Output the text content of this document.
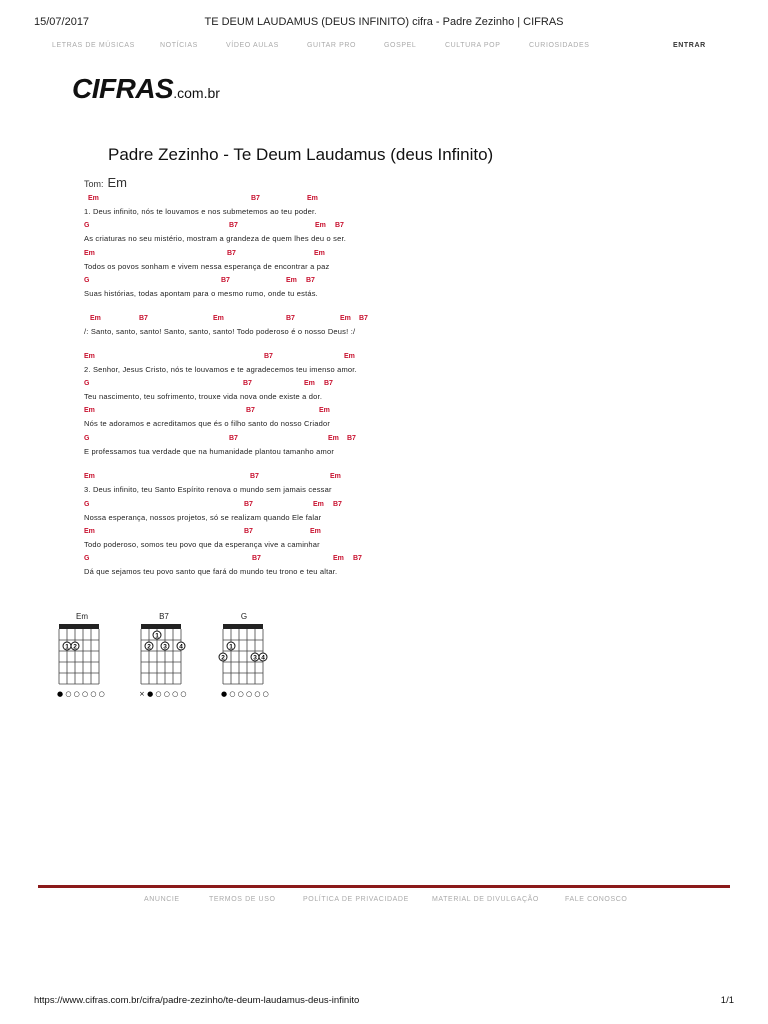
15/07/2017	TE DEUM LAUDAMUS (DEUS INFINITO) cifra - Padre Zezinho | CIFRAS
LETRAS DE MÚSICAS	NOTÍCIAS	VÍDEO AULAS	GUITAR PRO	GOSPEL	CULTURA POP	CURIOSIDADES	ENTRAR
CIFRAS.com.br
Padre Zezinho - Te Deum Laudamus (deus Infinito)
Tom: Em
Em	B7	Em
1. Deus infinito, nós te louvamos e nos submetemos ao teu poder.
G	B7	Em B7
As criaturas no seu mistério, mostram a grandeza de quem lhes deu o ser.
Em	B7	Em
Todos os povos sonham e vivem nessa esperança de encontrar a paz
G	B7	Em B7
Suas histórias, todas apontam para o mesmo rumo, onde tu estás.
Em	B7	Em	B7	Em B7
/: Santo, santo, santo! Santo, santo, santo! Todo poderoso é o nosso Deus! :/
Em	B7	Em
2. Senhor, Jesus Cristo, nós te louvamos e te agradecemos teu imenso amor.
G	B7	Em B7
Teu nascimento, teu sofrimento, trouxe vida nova onde existe a dor.
Em	B7	Em
Nós te adoramos e acreditamos que és o filho santo do nosso Criador
G	B7	Em B7
E professamos tua verdade que na humanidade plantou tamanho amor
Em	B7	Em
3. Deus infinito, teu Santo Espírito renova o mundo sem jamais cessar
G	B7	Em B7
Nossa esperança, nossos projetos, só se realizam quando Ele falar
Em	B7	Em
Todo poderoso, somos teu povo que da esperança vive a caminhar
G	B7	Em B7
Dá que sejamos teu povo santo que fará do mundo teu trono e teu altar.
Em
1 2
● ○ ○ ○ ○ ○
B7
1
2 3 4
× ● ○ ○ ○ ○
G
1
2	3 4
● ○ ○ ○ ○ ○
ANUNCIE	TERMOS DE USO	POLÍTICA DE PRIVACIDADE	MATERIAL DE DIVULGAÇÃO	FALE CONOSCO
https://www.cifras.com.br/cifra/padre-zezinho/te-deum-laudamus-deus-infinito	1/1
